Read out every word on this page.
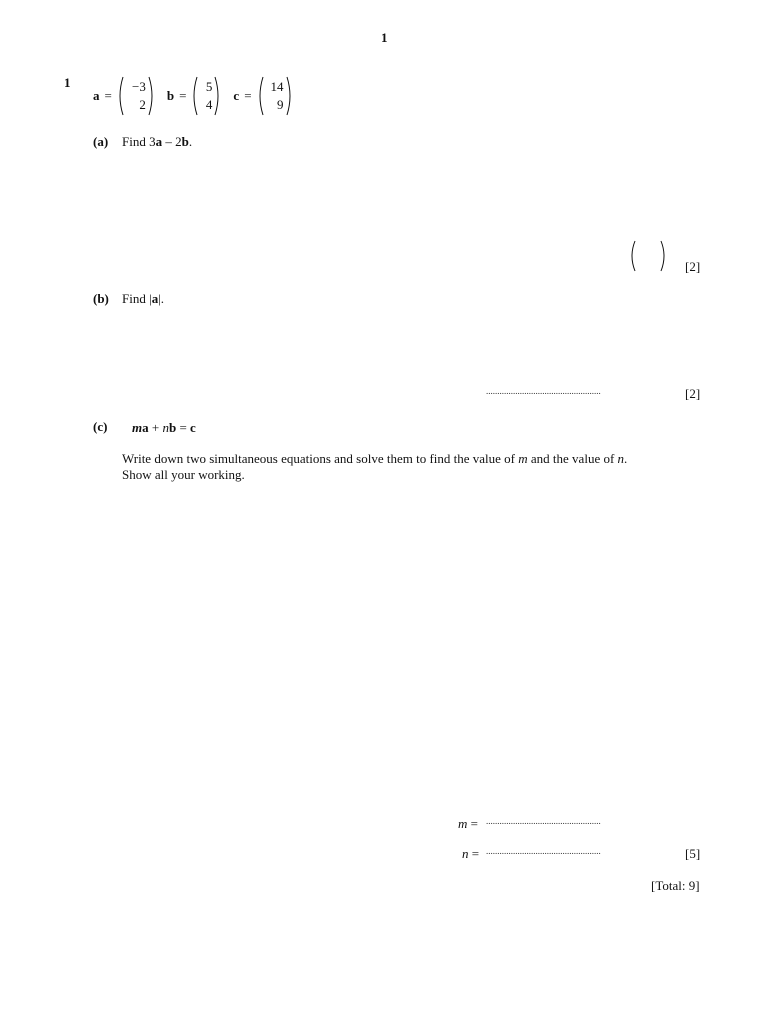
1
1
a =
−3
2
b =
5
4
c =
14
9
(a) Find 3a – 2b.
[2]
(b) Find |a|.
...................................................	[2]
(c) ma + nb = c
Write down two simultaneous equations and solve them to find the value of m and the value of n.
Show all your working.
m = ...................................................
n = ...................................................	[5]
[Total: 9]
